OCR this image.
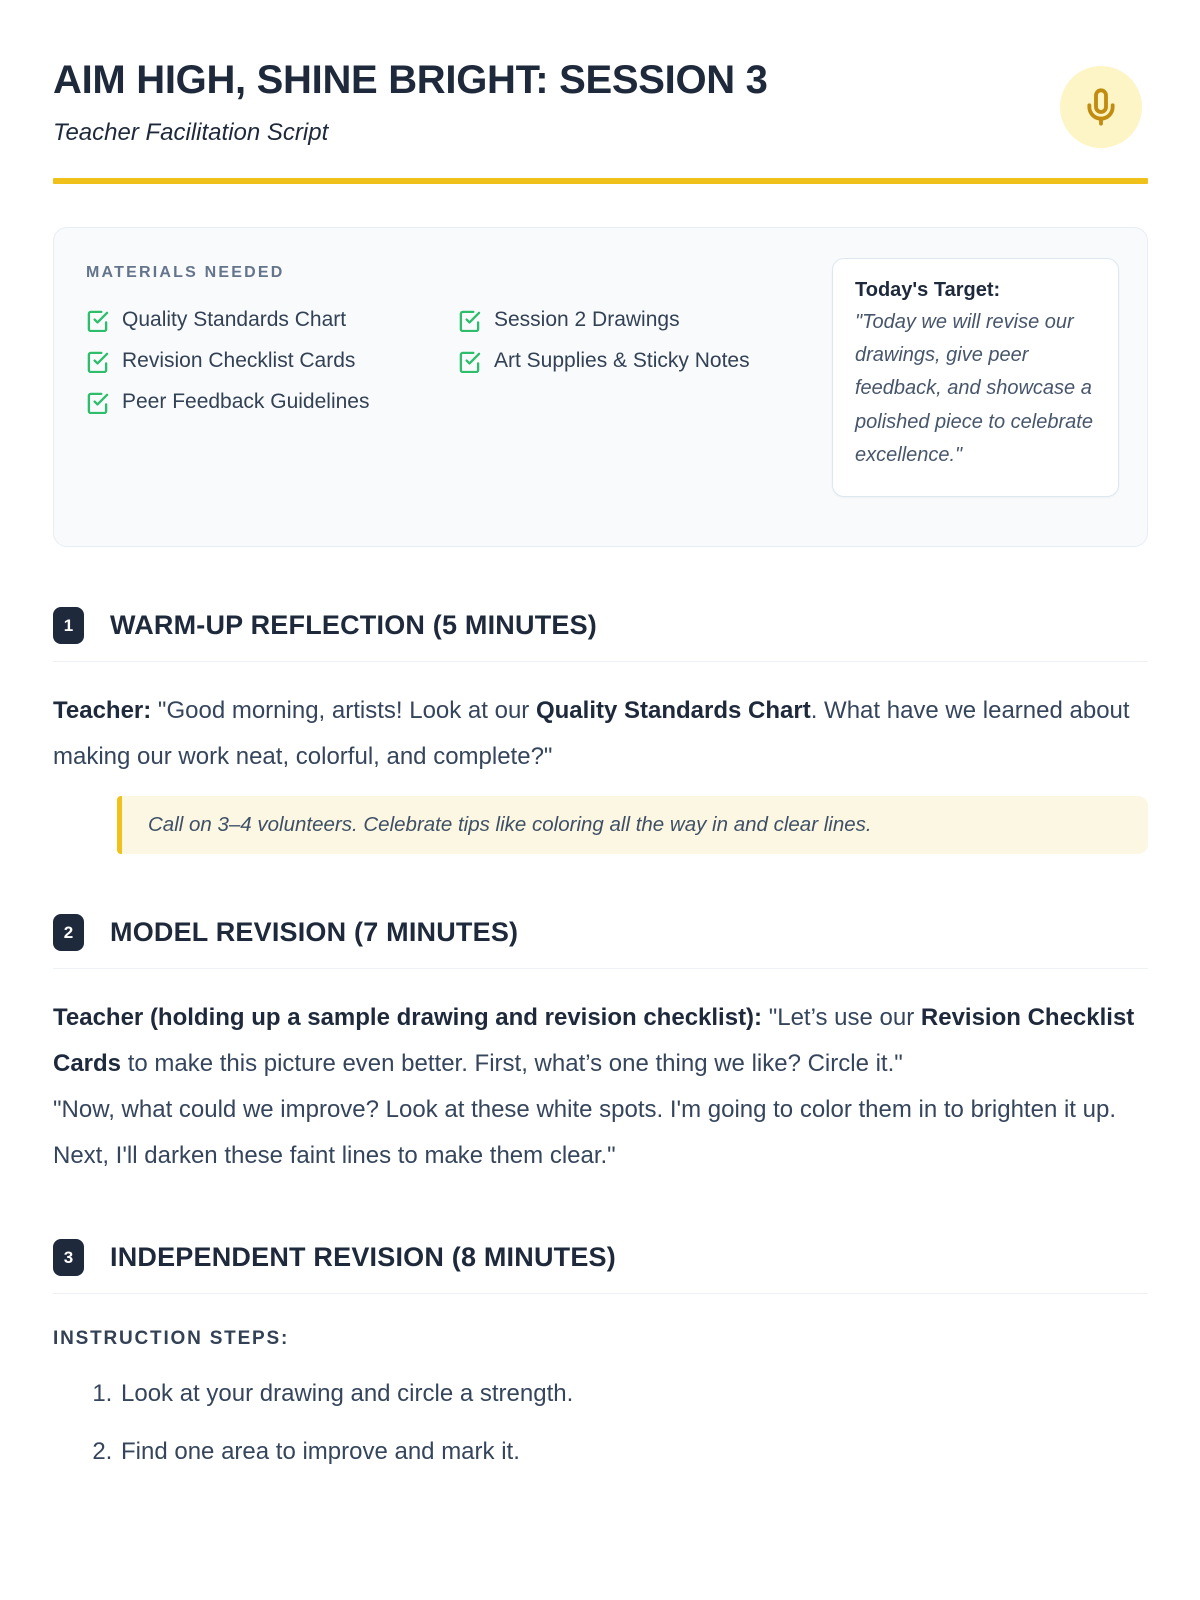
AIM HIGH, SHINE BRIGHT: SESSION 3

Teacher Facilitation Script

MATERIALS NEEDED
Quality Standards Chart
Revision Checklist Cards
Peer Feedback Guidelines
Session 2 Drawings
Art Supplies & Sticky Notes
Today's Target:

"Today we will revise our drawings, give peer feedback, and showcase a polished piece to celebrate excellence."

1	WARM-UP REFLECTION (5 MINUTES)

Teacher: "Good morning, artists! Look at our Quality Standards Chart. What have we learned about making our work neat, colorful, and complete?"

Call on 3–4 volunteers. Celebrate tips like coloring all the way in and clear lines.

2	MODEL REVISION (7 MINUTES)

Teacher (holding up a sample drawing and revision checklist): "Let’s use our Revision Checklist Cards to make this picture even better. First, what’s one thing we like? Circle it."

"Now, what could we improve? Look at these white spots. I'm going to color them in to brighten it up. Next, I'll darken these faint lines to make them clear."

3	INDEPENDENT REVISION (8 MINUTES)
INSTRUCTION STEPS:
1. Look at your drawing and circle a strength.
2. Find one area to improve and mark it.
